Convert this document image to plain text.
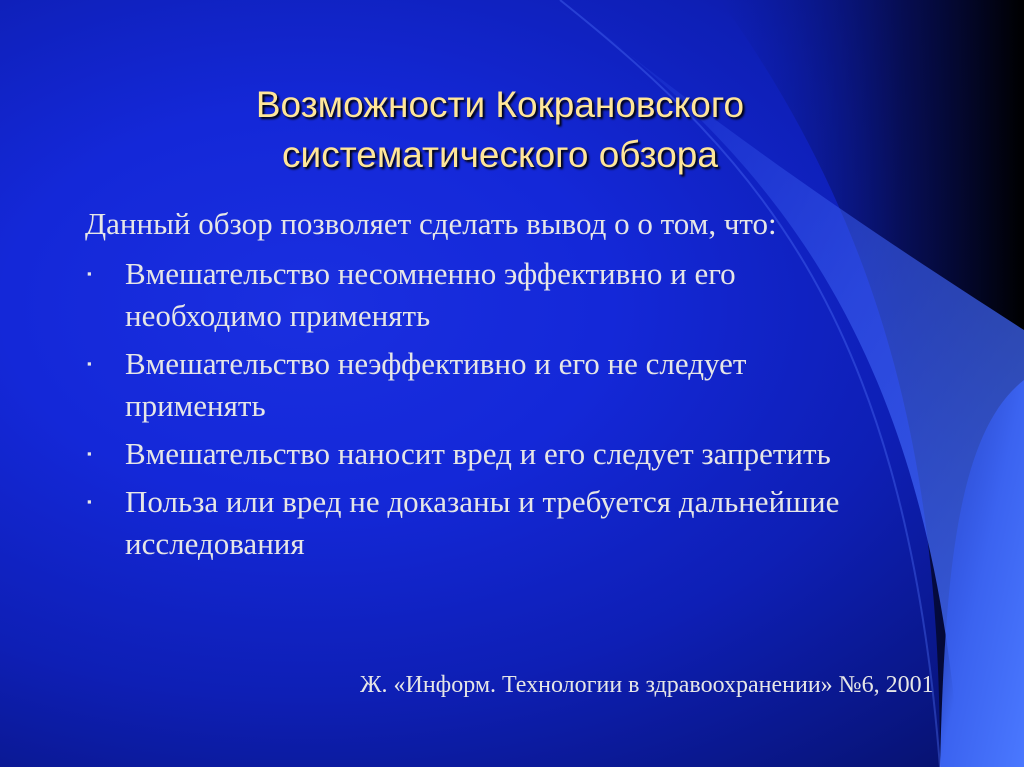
Возможности Кокрановского
систематического обзора
Данный обзор позволяет сделать вывод о о том, что:
▪ Вмешательство несомненно эффективно и его
необходимо применять
▪ Вмешательство неэффективно и его не следует
применять
▪ Вмешательство наносит вред и его следует запретить
▪ Польза или вред не доказаны и требуется дальнейшие
исследования
Ж. «Информ. Технологии в здравоохранении» №6, 2001
